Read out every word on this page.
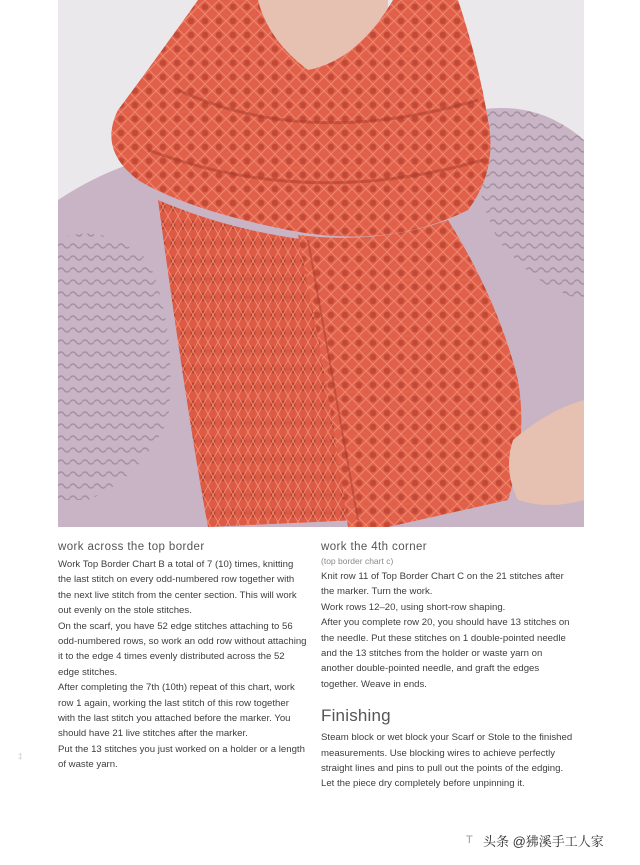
work across the top border

Work Top Border Chart B a total of 7 (10) times, knitting the last stitch on every odd-numbered row together with the next live stitch from the center section. This will work out evenly on the stole stitches.

On the scarf, you have 52 edge stitches attaching to 56 odd-numbered rows, so work an odd row without attaching it to the edge 4 times evenly distributed across the 52 edge stitches.

After completing the 7th (10th) repeat of this chart, work row 1 again, working the last stitch of this row together with the last stitch you attached before the marker. You should have 21 live stitches after the marker.

Put the 13 stitches you just worked on a holder or a length of waste yarn.

work the 4th corner
(top border chart c)

Knit row 11 of Top Border Chart C on the 21 stitches after the marker. Turn the work.

Work rows 12–20, using short-row shaping.

After you complete row 20, you should have 13 stitches on the needle. Put these stitches on 1 double-pointed needle and the 13 stitches from the holder or waste yarn on another double-pointed needle, and graft the edges together. Weave in ends.

Finishing

Steam block or wet block your Scarf or Stole to the finished measurements. Use blocking wires to achieve perfectly straight lines and pins to pull out the points of the edging. Let the piece dry completely before unpinning it.

‡
T 头条 @狒溪手工人家
